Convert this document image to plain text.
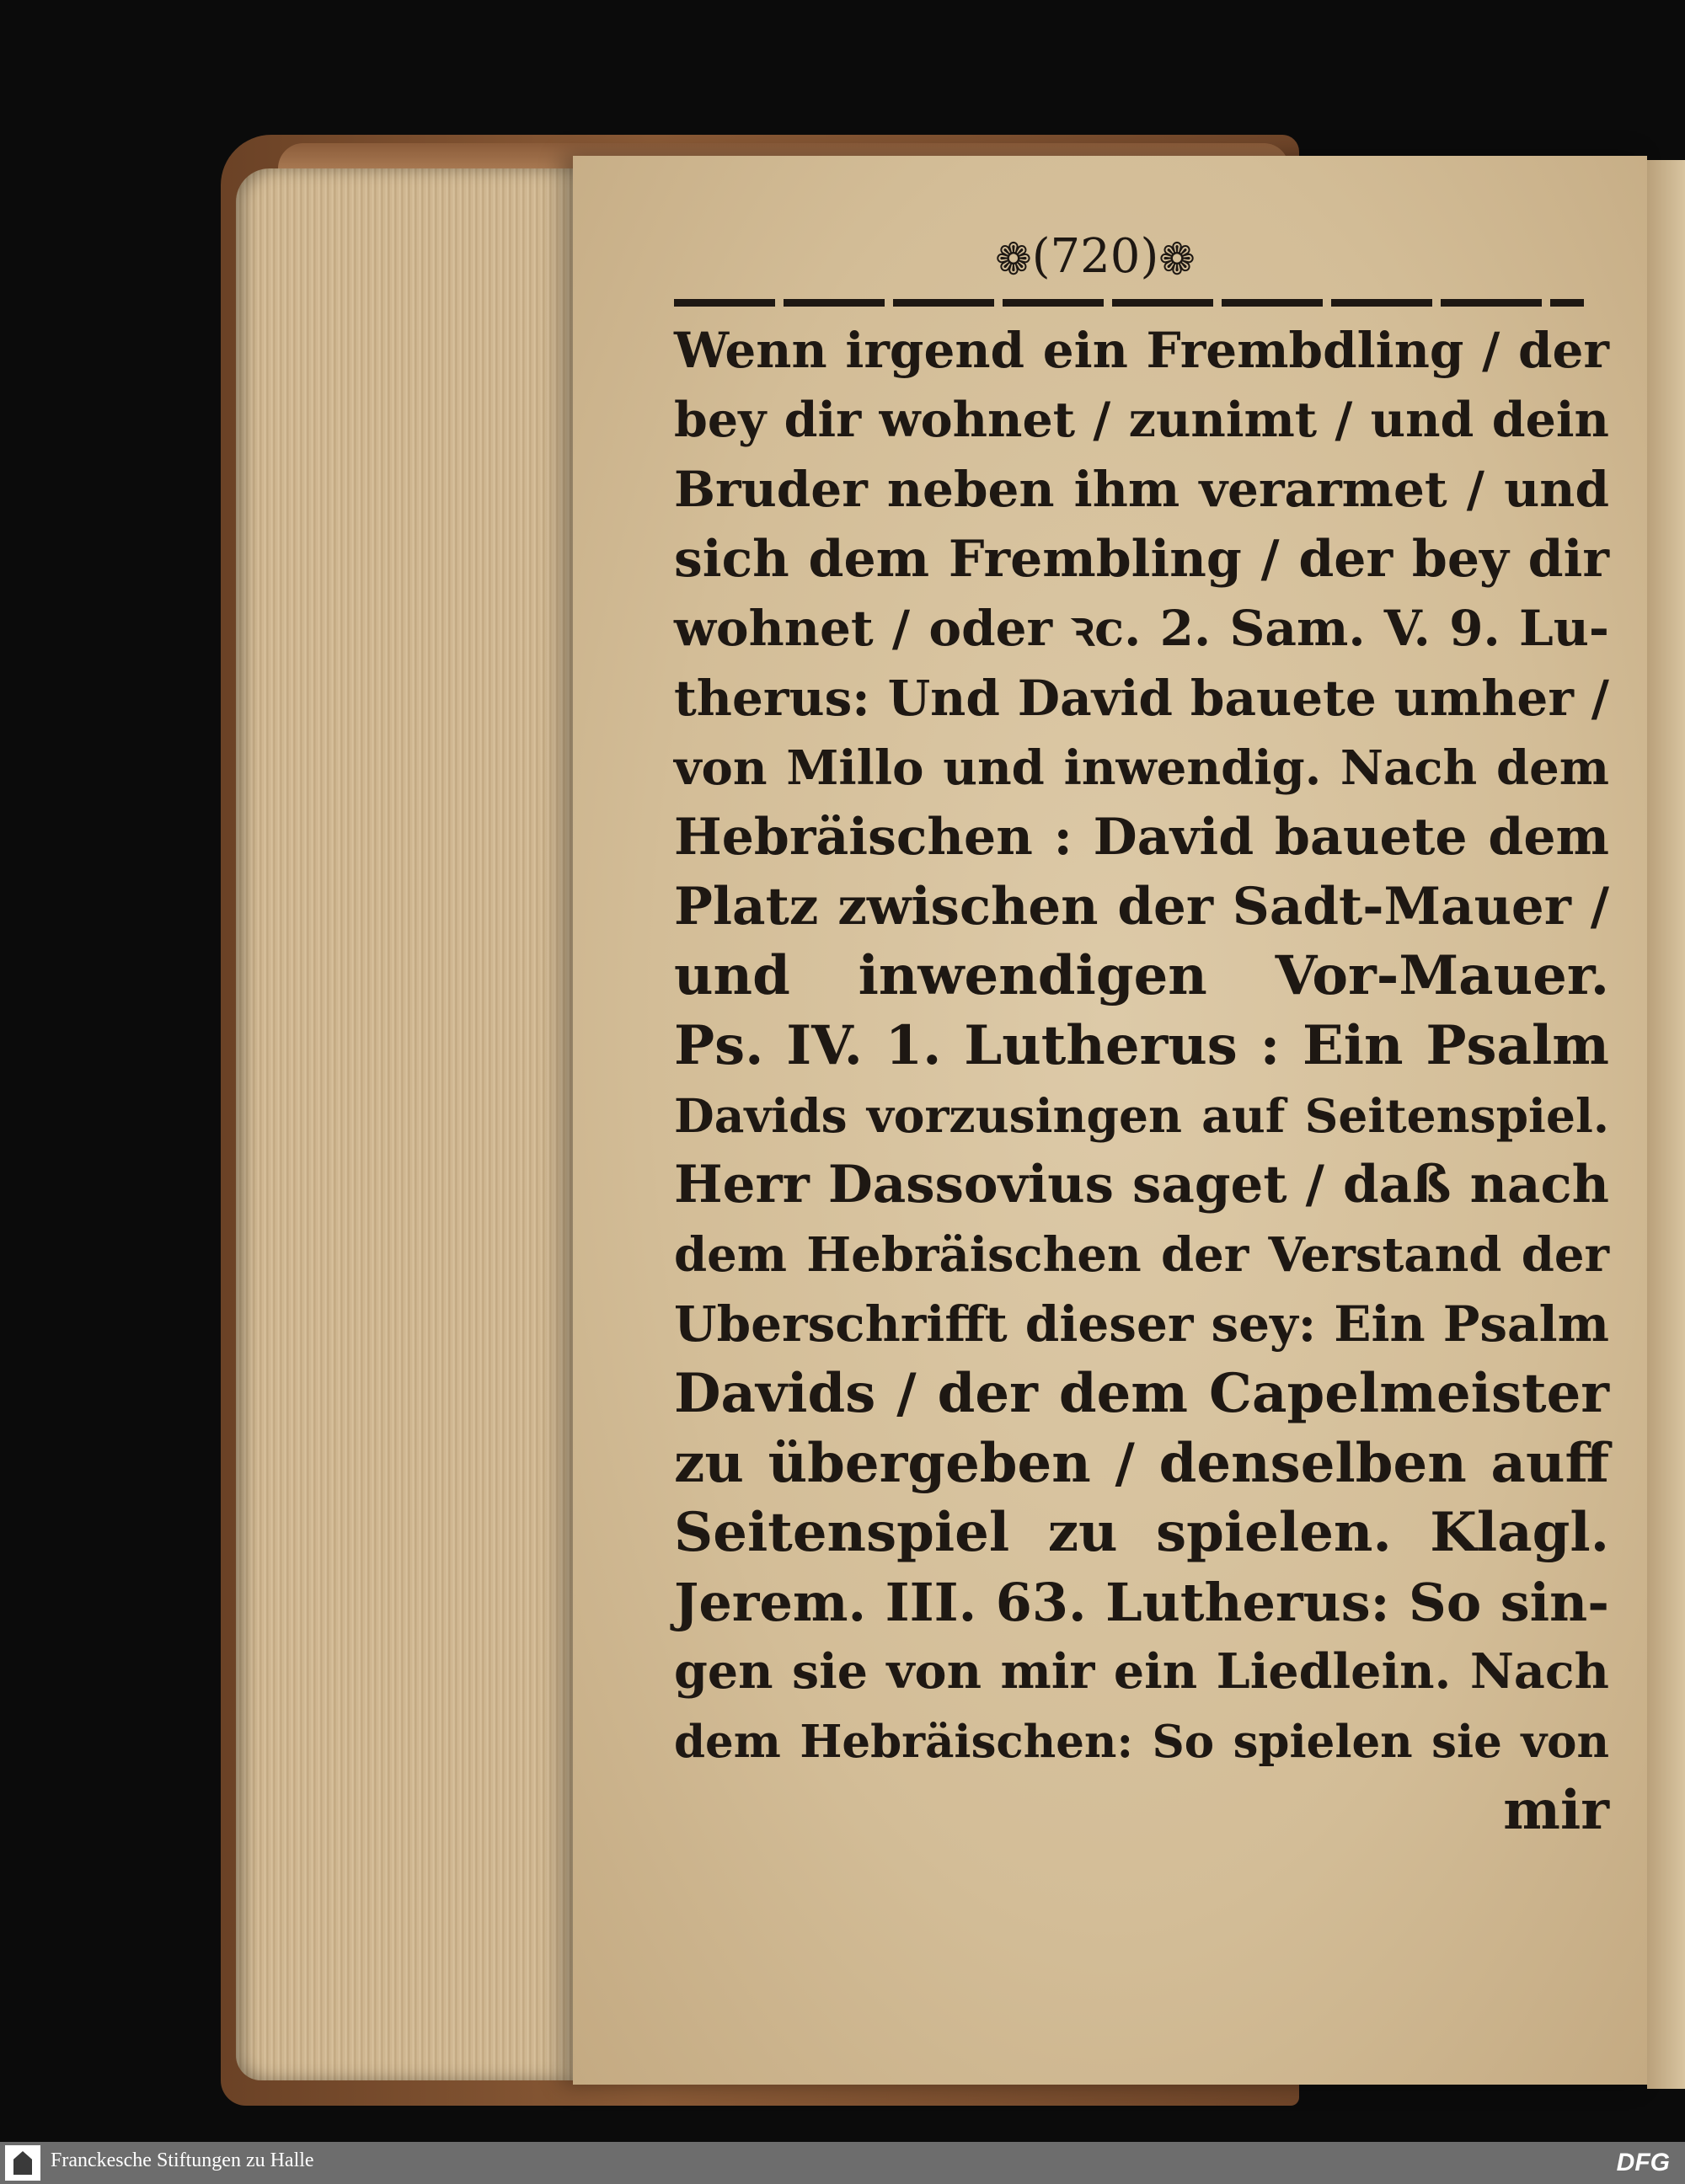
❁(720)❁
Wenn irgend ein Frembdling / der
bey dir wohnet / zunimt / und dein
Bruder neben ihm verarmet / und
sich dem Frembling / der bey dir
wohnet / oder ꝛc. 2. Sam. V. 9. Lu-
therus: Und David bauete umher /
von Millo und inwendig. Nach dem
Hebräischen : David bauete dem
Platz zwischen der Sadt-Mauer /
und inwendigen Vor-Mauer.
Ps. IV. 1. Lutherus : Ein Psalm
Davids vorzusingen auf Seitenspiel.
Herr Dassovius saget / daß nach
dem Hebräischen der Verstand der
Uberschrifft dieser sey: Ein Psalm
Davids / der dem Capelmeister
zu übergeben / denselben auff
Seitenspiel zu spielen. Klagl.
Jerem. III. 63. Lutherus: So sin-
gen sie von mir ein Liedlein. Nach
dem Hebräischen: So spielen sie von
mir
Franckesche Stiftungen zu Halle	DFG
